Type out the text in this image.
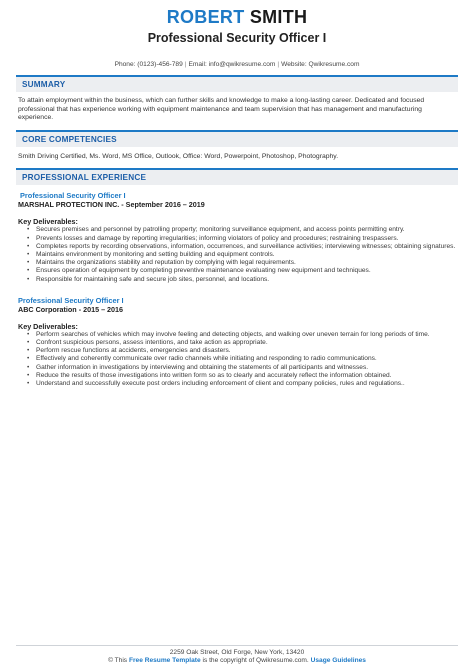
ROBERT SMITH
Professional Security Officer I
Phone: (0123)-456-789 | Email: info@qwikresume.com | Website: Qwikresume.com
SUMMARY
To attain employment within the business, which can further skills and knowledge to make a long-lasting career. Dedicated and focused professional that has experience working with equipment maintenance and team supervision that has management and manufacturing experience.
CORE COMPETENCIES
Smith Driving Certified, Ms. Word, MS Office, Outlook, Office: Word, Powerpoint, Photoshop, Photography.
PROFESSIONAL EXPERIENCE
Professional Security Officer I
MARSHAL PROTECTION INC. - September 2016 – 2019
Key Deliverables:
• Secures premises and personnel by patrolling property; monitoring surveillance equipment, and access points permitting entry.
• Prevents losses and damage by reporting irregularities; informing violators of policy and procedures; restraining trespassers.
• Completes reports by recording observations, information, occurrences, and surveillance activities; interviewing witnesses; obtaining signatures.
• Maintains environment by monitoring and setting building and equipment controls.
• Maintains the organizations stability and reputation by complying with legal requirements.
• Ensures operation of equipment by completing preventive maintenance evaluating new equipment and techniques.
• Responsible for maintaining safe and secure job sites, personnel, and locations.
Professional Security Officer I
ABC Corporation - 2015 – 2016
Key Deliverables:
• Perform searches of vehicles which may involve feeling and detecting objects, and walking over uneven terrain for long periods of time.
• Confront suspicious persons, assess intentions, and take action as appropriate.
• Perform rescue functions at accidents, emergencies and disasters.
• Effectively and coherently communicate over radio channels while initiating and responding to radio communications.
• Gather information in investigations by interviewing and obtaining the statements of all participants and witnesses.
• Reduce the results of those investigations into written form so as to clearly and accurately reflect the information obtained.
• Understand and successfully execute post orders including enforcement of client and company policies, rules and regulations..
2259 Oak Street, Old Forge, New York, 13420
© This Free Resume Template is the copyright of Qwikresume.com. Usage Guidelines
